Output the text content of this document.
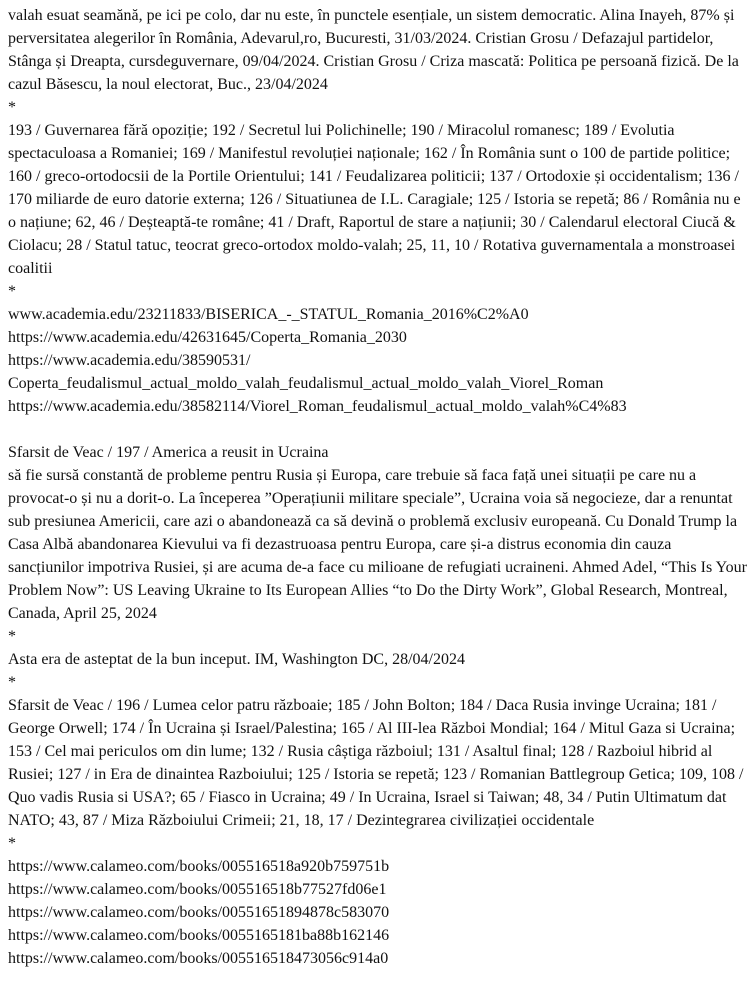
valah esuat seamănă, pe ici pe colo, dar nu este, în punctele esențiale, un sistem democratic. Alina Inayeh, 87% și perversitatea alegerilor în România, Adevarul,ro, Bucuresti, 31/03/2024. Cristian Grosu / Defazajul partidelor, Stânga și Dreapta, cursdeguvernare, 09/04/2024. Cristian Grosu / Criza mascată: Politica pe persoană fizică. De la cazul Băsescu, la noul electorat, Buc., 23/04/2024

*

193 / Guvernarea fără opoziție; 192 / Secretul lui Polichinelle; 190 / Miracolul romanesc; 189 / Evolutia spectaculoasa a Romaniei; 169 / Manifestul revoluției naționale; 162 / În România sunt o 100 de partide politice; 160 / greco-ortodocsii de la Portile Orientului; 141 / Feudalizarea politicii; 137 / Ortodoxie și occidentalism; 136 / 170 miliarde de euro datorie externa; 126 / Situatiunea de I.L. Caragiale; 125 / Istoria se repetă; 86 / România nu e o națiune; 62, 46 / Deșteaptă-te române; 41 / Draft, Raportul de stare a națiunii; 30 / Calendarul electoral Ciucă & Ciolacu; 28 / Statul tatuc, teocrat greco-ortodox moldo-valah; 25, 11, 10 / Rotativa guvernamentala a monstroasei coalitii

*

www.academia.edu/23211833/BISERICA_-_STATUL_Romania_2016%C2%A0
https://www.academia.edu/42631645/Coperta_Romania_2030
https://www.academia.edu/38590531/
Coperta_feudalismul_actual_moldo_valah_feudalismul_actual_moldo_valah_Viorel_Roman
https://www.academia.edu/38582114/Viorel_Roman_feudalismul_actual_moldo_valah%C4%83
Sfarsit de Veac / 197 / America a reusit in Ucraina

să fie sursă constantă de probleme pentru Rusia și Europa, care trebuie să faca față unei situații pe care nu a provocat-o și nu a dorit-o. La începerea ”Operațiunii militare speciale”, Ucraina voia să negocieze, dar a renuntat sub presiunea Americii, care azi o abandonează ca să devină o problemă exclusiv europeană. Cu Donald Trump la Casa Albă abandonarea Kievului va fi dezastruoasa pentru Europa, care și-a distrus economia din cauza sancțiunilor impotriva Rusiei, și are acuma de-a face cu milioane de refugiati ucraineni. Ahmed Adel, “This Is Your Problem Now”: US Leaving Ukraine to Its European Allies “to Do the Dirty Work”, Global Research, Montreal, Canada, April 25, 2024

*

Asta era de asteptat de la bun inceput. IM, Washington DC, 28/04/2024

*

Sfarsit de Veac / 196 / Lumea celor patru războaie; 185 / John Bolton; 184 / Daca Rusia invinge Ucraina; 181 / George Orwell; 174 / În Ucraina și Israel/Palestina; 165 / Al III-lea Război Mondial; 164 / Mitul Gaza si Ucraina; 153 / Cel mai periculos om din lume; 132 / Rusia câștiga războiul; 131 / Asaltul final; 128 / Razboiul hibrid al Rusiei; 127 / in Era de dinaintea Razboiului; 125 / Istoria se repetă; 123 / Romanian Battlegroup Getica; 109, 108 / Quo vadis Rusia si USA?; 65 / Fiasco in Ucraina; 49 / In Ucraina, Israel si Taiwan; 48, 34 / Putin Ultimatum dat NATO; 43, 87 / Miza Războiului Crimeii; 21, 18, 17 / Dezintegrarea civilizației occidentale

*

https://www.calameo.com/books/005516518a920b759751b
https://www.calameo.com/books/005516518b77527fd06e1
https://www.calameo.com/books/00551651894878c583070
https://www.calameo.com/books/0055165181ba88b162146
https://www.calameo.com/books/005516518473056c914a0
